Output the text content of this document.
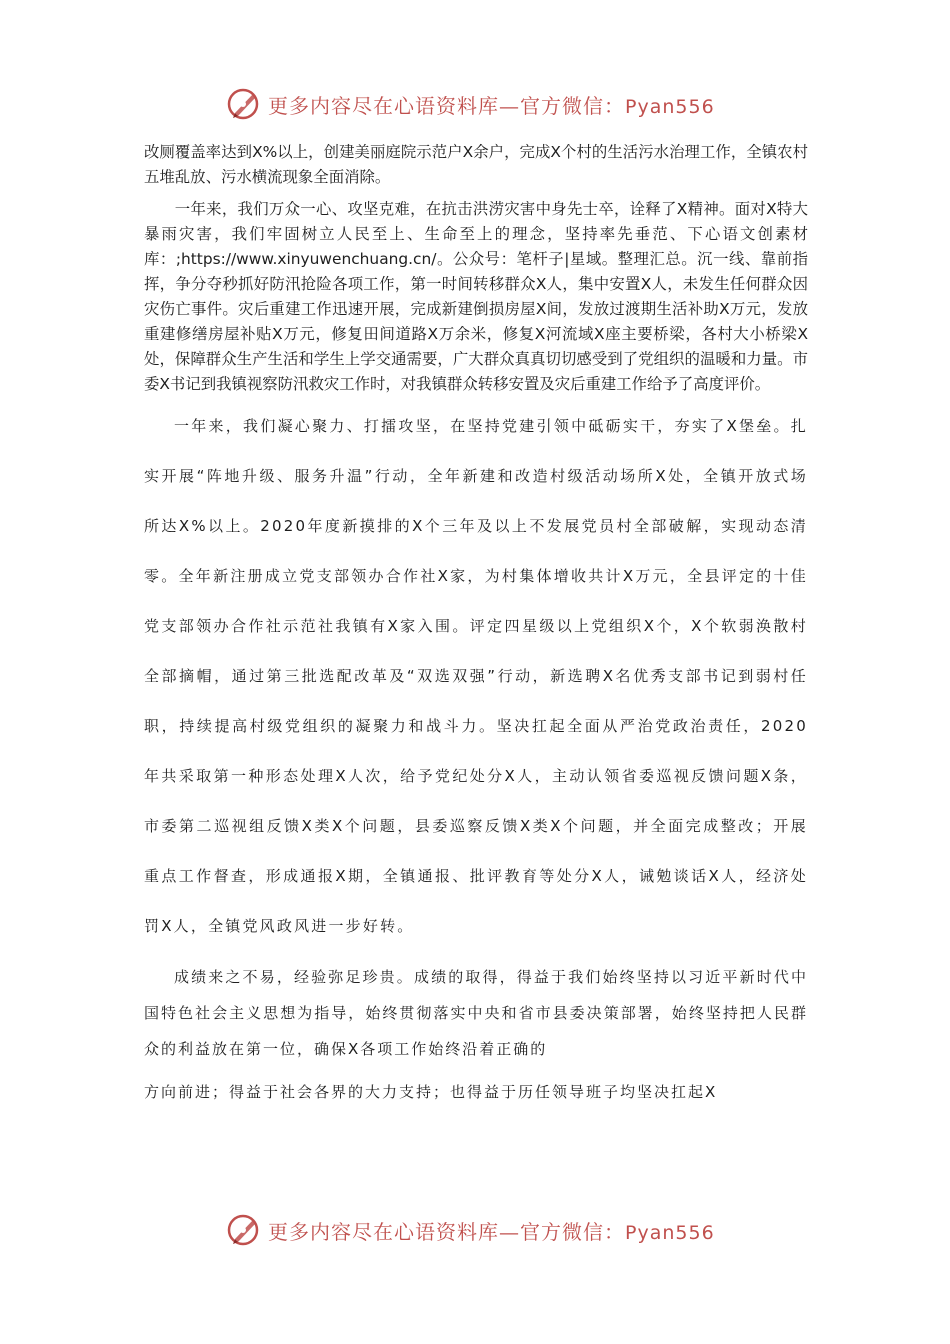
更多内容尽在心语资料库—官方微信：Pyan556

改厕覆盖率达到X%以上，创建美丽庭院示范户X余户，完成X个村的生活污水治理工作，全镇农村五堆乱放、污水横流现象全面消除。

一年来，我们万众一心、攻坚克难，在抗击洪涝灾害中身先士卒，诠释了X精神。面对X特大暴雨灾害，我们牢固树立人民至上、生命至上的理念，坚持率先垂范、下心语文创素材库：;https://www.xinyuwenchuang.cn/。公众号：笔杆子|星域。整理汇总。沉一线、靠前指挥，争分夺秒抓好防汛抢险各项工作，第一时间转移群众X人，集中安置X人，未发生任何群众因灾伤亡事件。灾后重建工作迅速开展，完成新建倒损房屋X间，发放过渡期生活补助X万元，发放重建修缮房屋补贴X万元，修复田间道路X万余米，修复X河流域X座主要桥梁，各村大小桥梁X处，保障群众生产生活和学生上学交通需要，广大群众真真切切感受到了党组织的温暖和力量。市委X书记到我镇视察防汛救灾工作时，对我镇群众转移安置及灾后重建工作给予了高度评价。

一年来，我们凝心聚力、打擂攻坚，在坚持党建引领中砥砺实干，夯实了X堡垒。扎实开展“阵地升级、服务升温”行动，全年新建和改造村级活动场所X处，全镇开放式场所达X%以上。2020年度新摸排的X个三年及以上不发展党员村全部破解，实现动态清零。全年新注册成立党支部领办合作社X家，为村集体增收共计X万元，全县评定的十佳党支部领办合作社示范社我镇有X家入围。评定四星级以上党组织X个，X个软弱涣散村全部摘帽，通过第三批选配改革及“双选双强”行动，新选聘X名优秀支部书记到弱村任职，持续提高村级党组织的凝聚力和战斗力。坚决扛起全面从严治党政治责任，2020年共采取第一种形态处理X人次，给予党纪处分X人，主动认领省委巡视反馈问题X条，市委第二巡视组反馈X类X个问题，县委巡察反馈X类X个问题，并全面完成整改；开展重点工作督查，形成通报X期，全镇通报、批评教育等处分X人，诫勉谈话X人，经济处罚X人，全镇党风政风进一步好转。

成绩来之不易，经验弥足珍贵。成绩的取得，得益于我们始终坚持以习近平新时代中国特色社会主义思想为指导，始终贯彻落实中央和省市县委决策部署，始终坚持把人民群众的利益放在第一位，确保X各项工作始终沿着正确的
方向前进；得益于社会各界的大力支持；也得益于历任领导班子均坚决扛起X

更多内容尽在心语资料库—官方微信：Pyan556
